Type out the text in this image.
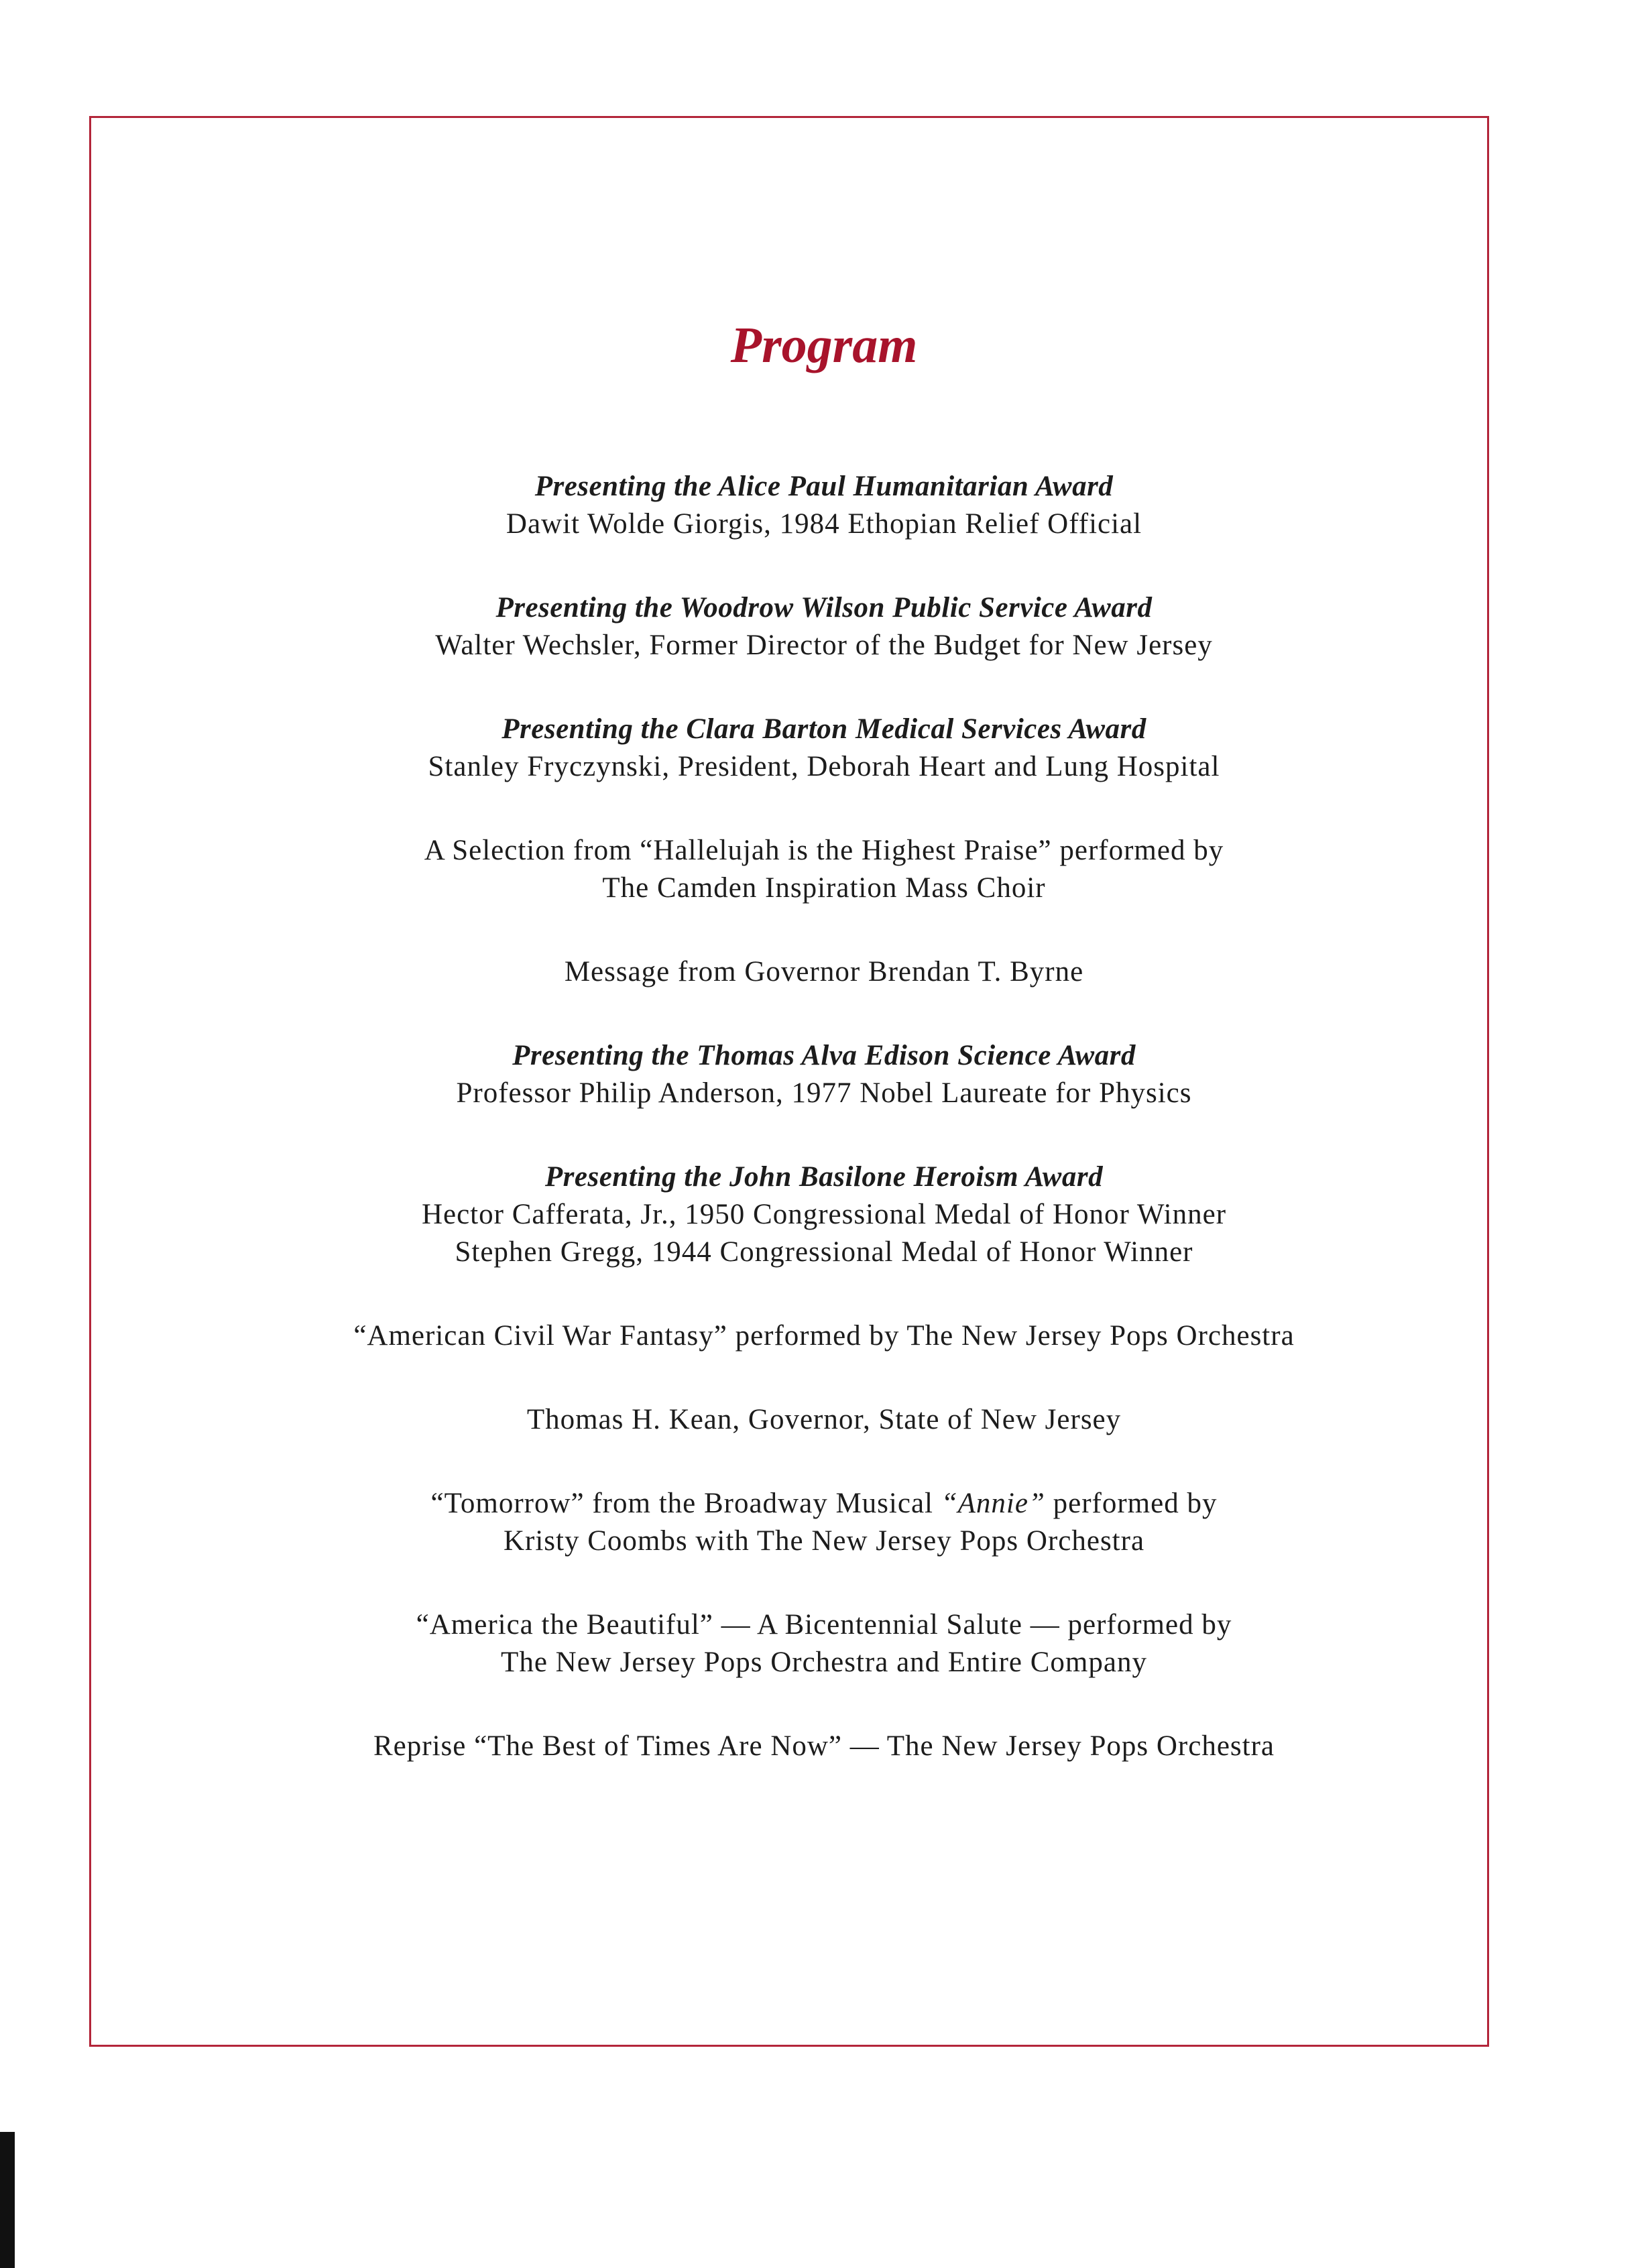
Program
Presenting the Alice Paul Humanitarian Award
Dawit Wolde Giorgis, 1984 Ethopian Relief Official
Presenting the Woodrow Wilson Public Service Award
Walter Wechsler, Former Director of the Budget for New Jersey
Presenting the Clara Barton Medical Services Award
Stanley Fryczynski, President, Deborah Heart and Lung Hospital
A Selection from “Hallelujah is the Highest Praise” performed by
The Camden Inspiration Mass Choir
Message from Governor Brendan T. Byrne
Presenting the Thomas Alva Edison Science Award
Professor Philip Anderson, 1977 Nobel Laureate for Physics
Presenting the John Basilone Heroism Award
Hector Cafferata, Jr., 1950 Congressional Medal of Honor Winner
Stephen Gregg, 1944 Congressional Medal of Honor Winner
“American Civil War Fantasy” performed by The New Jersey Pops Orchestra
Thomas H. Kean, Governor, State of New Jersey
“Tomorrow” from the Broadway Musical “Annie” performed by
Kristy Coombs with The New Jersey Pops Orchestra
“America the Beautiful” — A Bicentennial Salute — performed by
The New Jersey Pops Orchestra and Entire Company
Reprise “The Best of Times Are Now” — The New Jersey Pops Orchestra
